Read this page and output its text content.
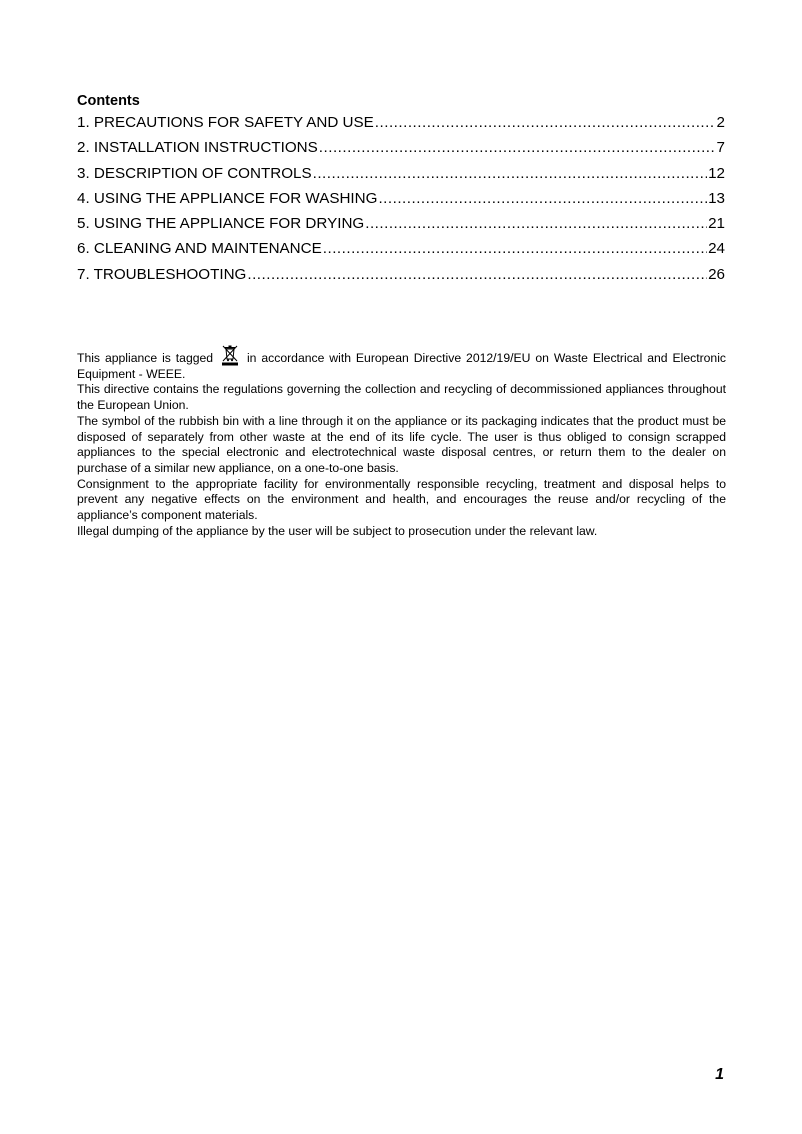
Contents

1. PRECAUTIONS FOR SAFETY AND USE .....	2
2. INSTALLATION INSTRUCTIONS .....	7
3. DESCRIPTION OF CONTROLS .....	12
4. USING THE APPLIANCE FOR WASHING .....	13
5. USING THE APPLIANCE FOR DRYING .....	21
6. CLEANING AND MAINTENANCE .....	24
7. TROUBLESHOOTING .....	26

This appliance is tagged	in accordance with European Directive 2012/19/EU on Waste Electrical and Electronic Equipment - WEEE.

This directive contains the regulations governing the collection and recycling of decommissioned appliances throughout the European Union.

The symbol of the rubbish bin with a line through it on the appliance or its packaging indicates that the product must be disposed of separately from other waste at the end of its life cycle. The user is thus obliged to consign scrapped appliances to the special electronic and electrotechnical waste disposal centres, or return them to the dealer on purchase of a similar new appliance, on a one-to-one basis.

Consignment to the appropriate facility for environmentally responsible recycling, treatment and disposal helps to prevent any negative effects on the environment and health, and encourages the reuse and/or recycling of the appliance’s component materials.

Illegal dumping of the appliance by the user will be subject to prosecution under the relevant law.

1
